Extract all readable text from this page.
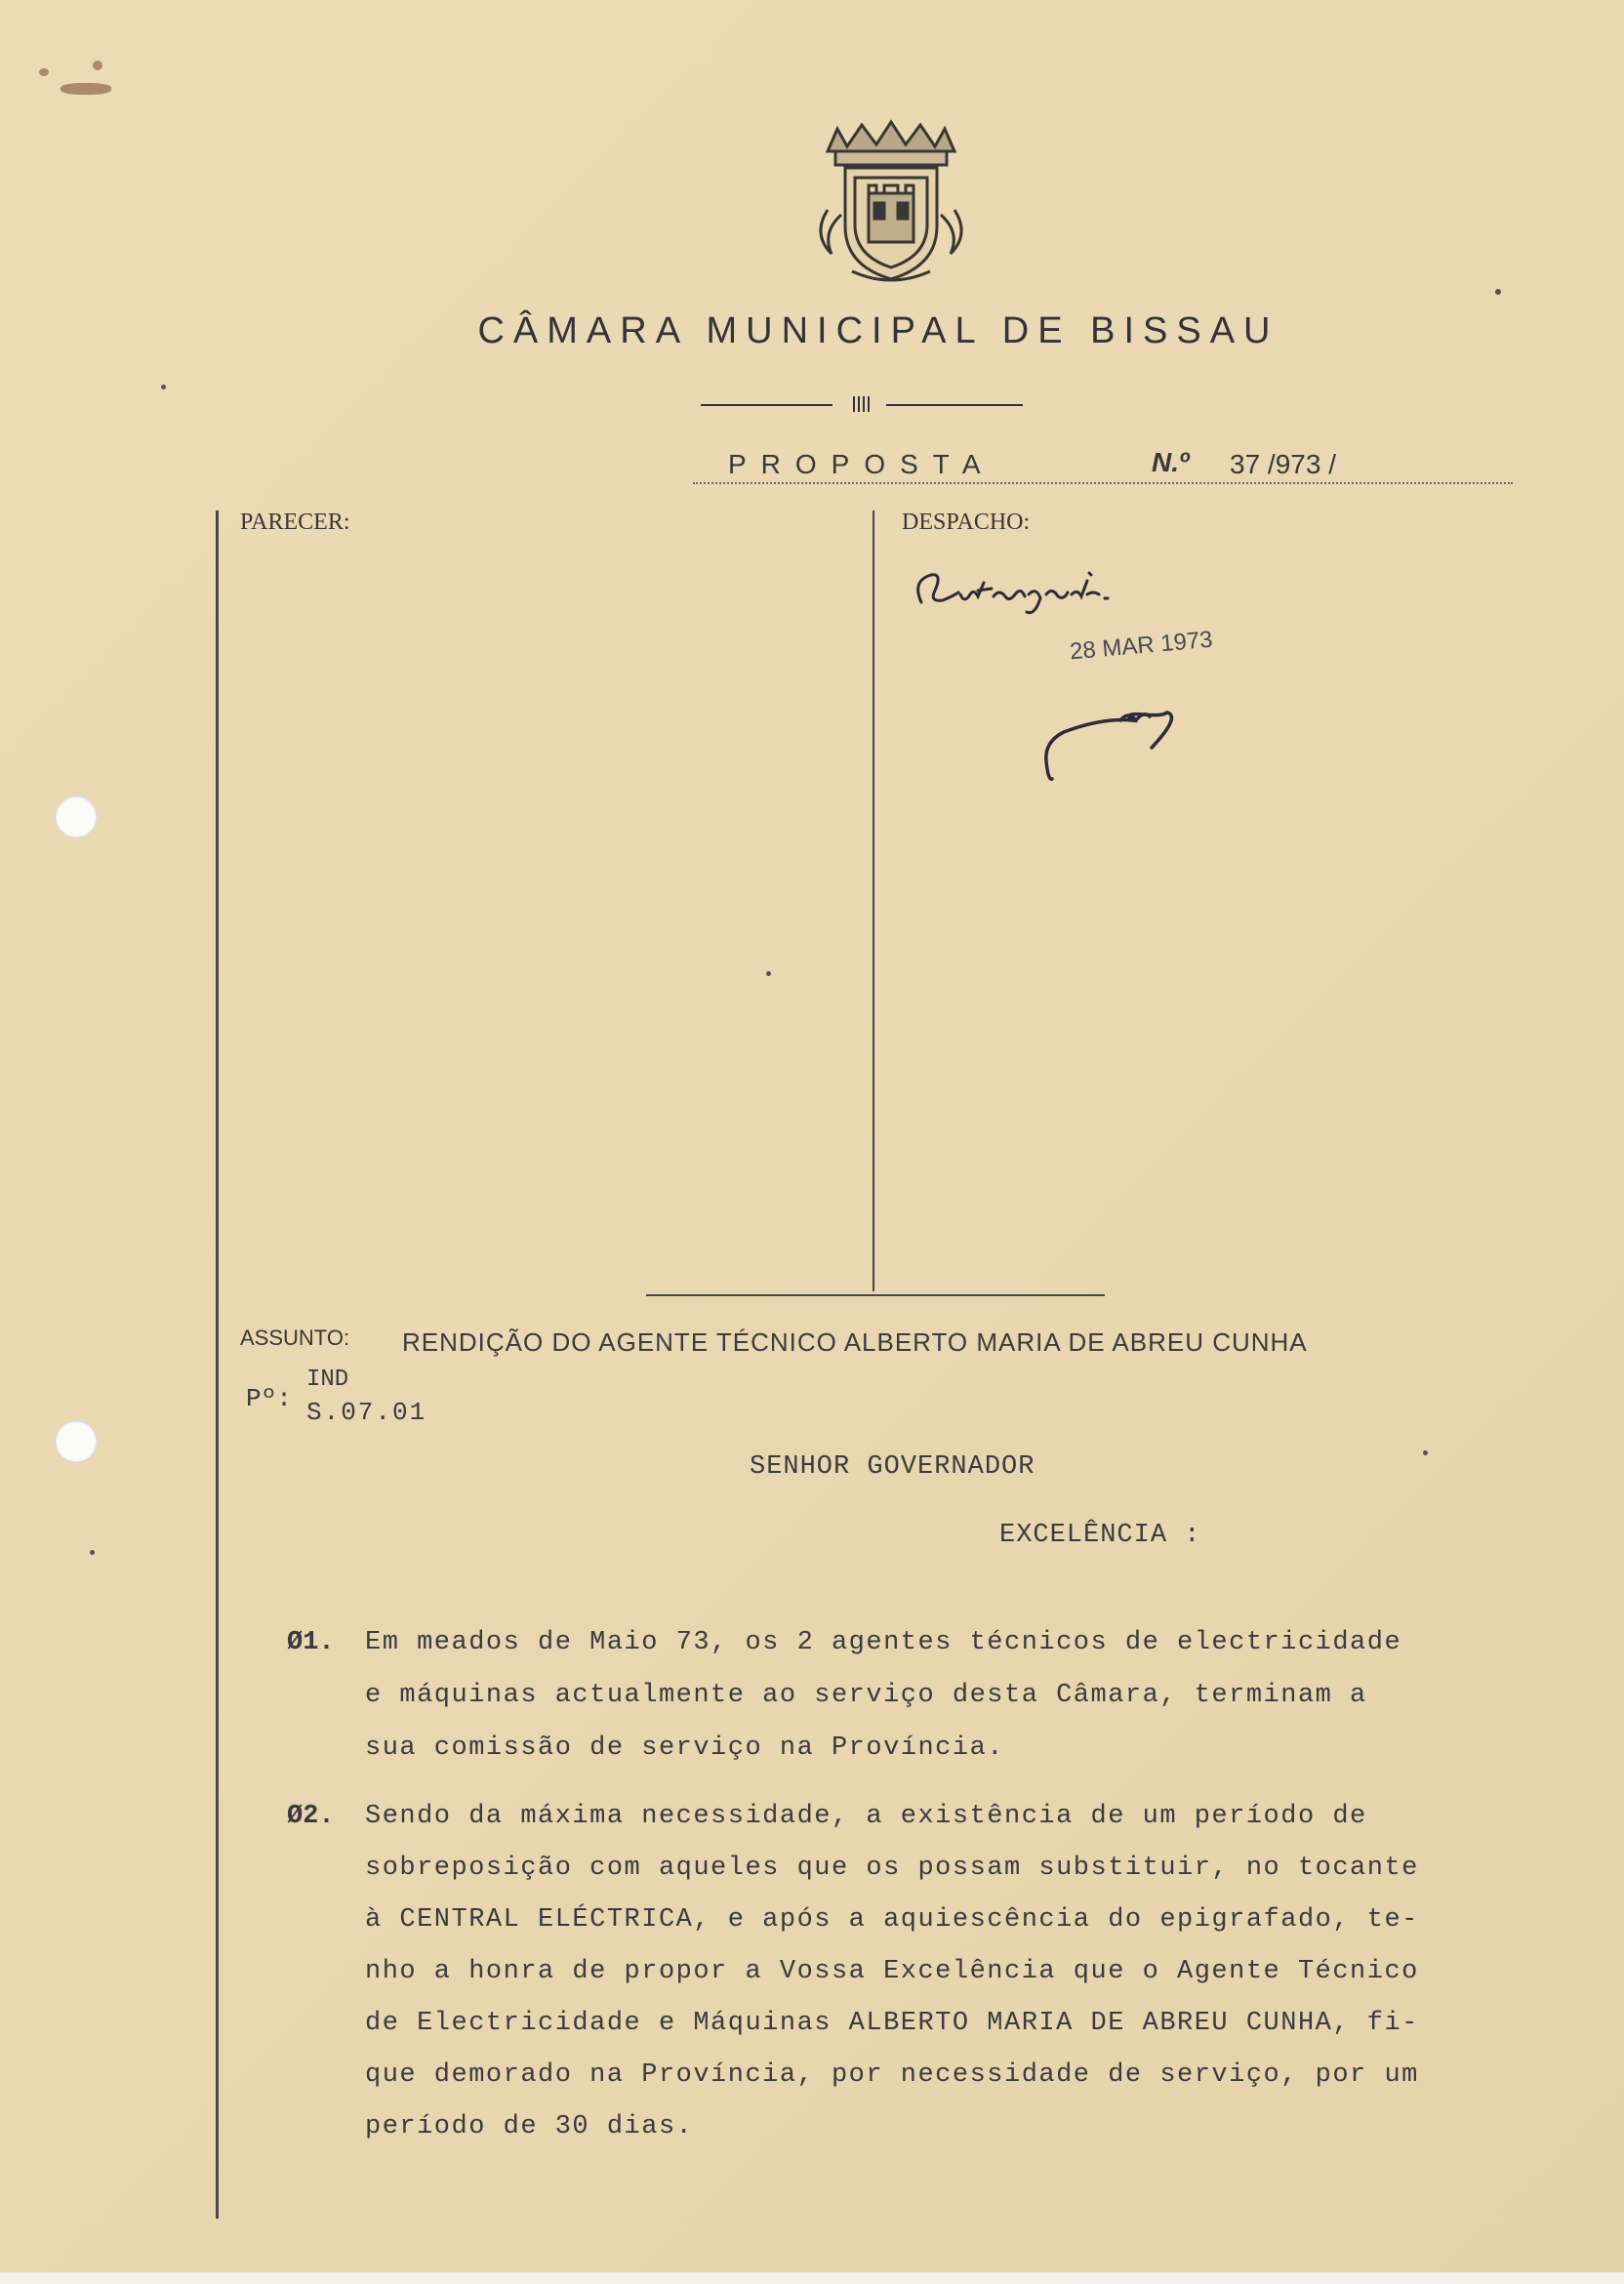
CÂMARA MUNICIPAL DE BISSAU
PROPOSTA	N.º 37 /973 /
PARECER:	DESPACHO:
28 MAR 1973
ASSUNTO: RENDIÇÃO DO AGENTE TÉCNICO ALBERTO MARIA DE ABREU CUNHA
Pº:
IND
S.07.01
SENHOR GOVERNADOR
EXCELÊNCIA :
Ø1. Em meados de Maio 73, os 2 agentes técnicos de electricidade
e máquinas actualmente ao serviço desta Câmara, terminam a
sua comissão de serviço na Província.
Ø2. Sendo da máxima necessidade, a existência de um período de
sobreposição com aqueles que os possam substituir, no tocante
à CENTRAL ELÉCTRICA, e após a aquiescência do epigrafado, te-
nho a honra de propor a Vossa Excelência que o Agente Técnico
de Electricidade e Máquinas ALBERTO MARIA DE ABREU CUNHA, fi-
que demorado na Província, por necessidade de serviço, por um
período de 30 dias.
